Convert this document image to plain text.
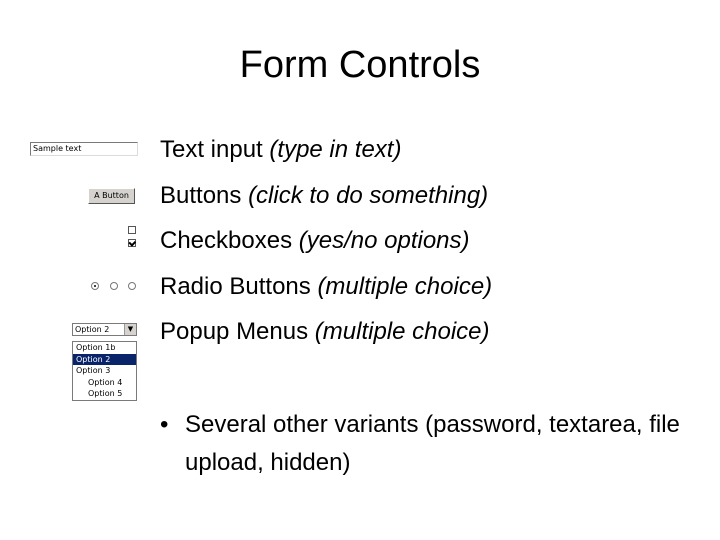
Form Controls
Sample text
A Button
Option 2	▼
Option 1b
Option 2
Option 3
Option 4
Option 5
Text input (type in text)
Buttons (click to do something)
Checkboxes (yes/no options)
Radio Buttons (multiple choice)
Popup Menus (multiple choice)
• Several other variants (password, textarea, file upload, hidden)
